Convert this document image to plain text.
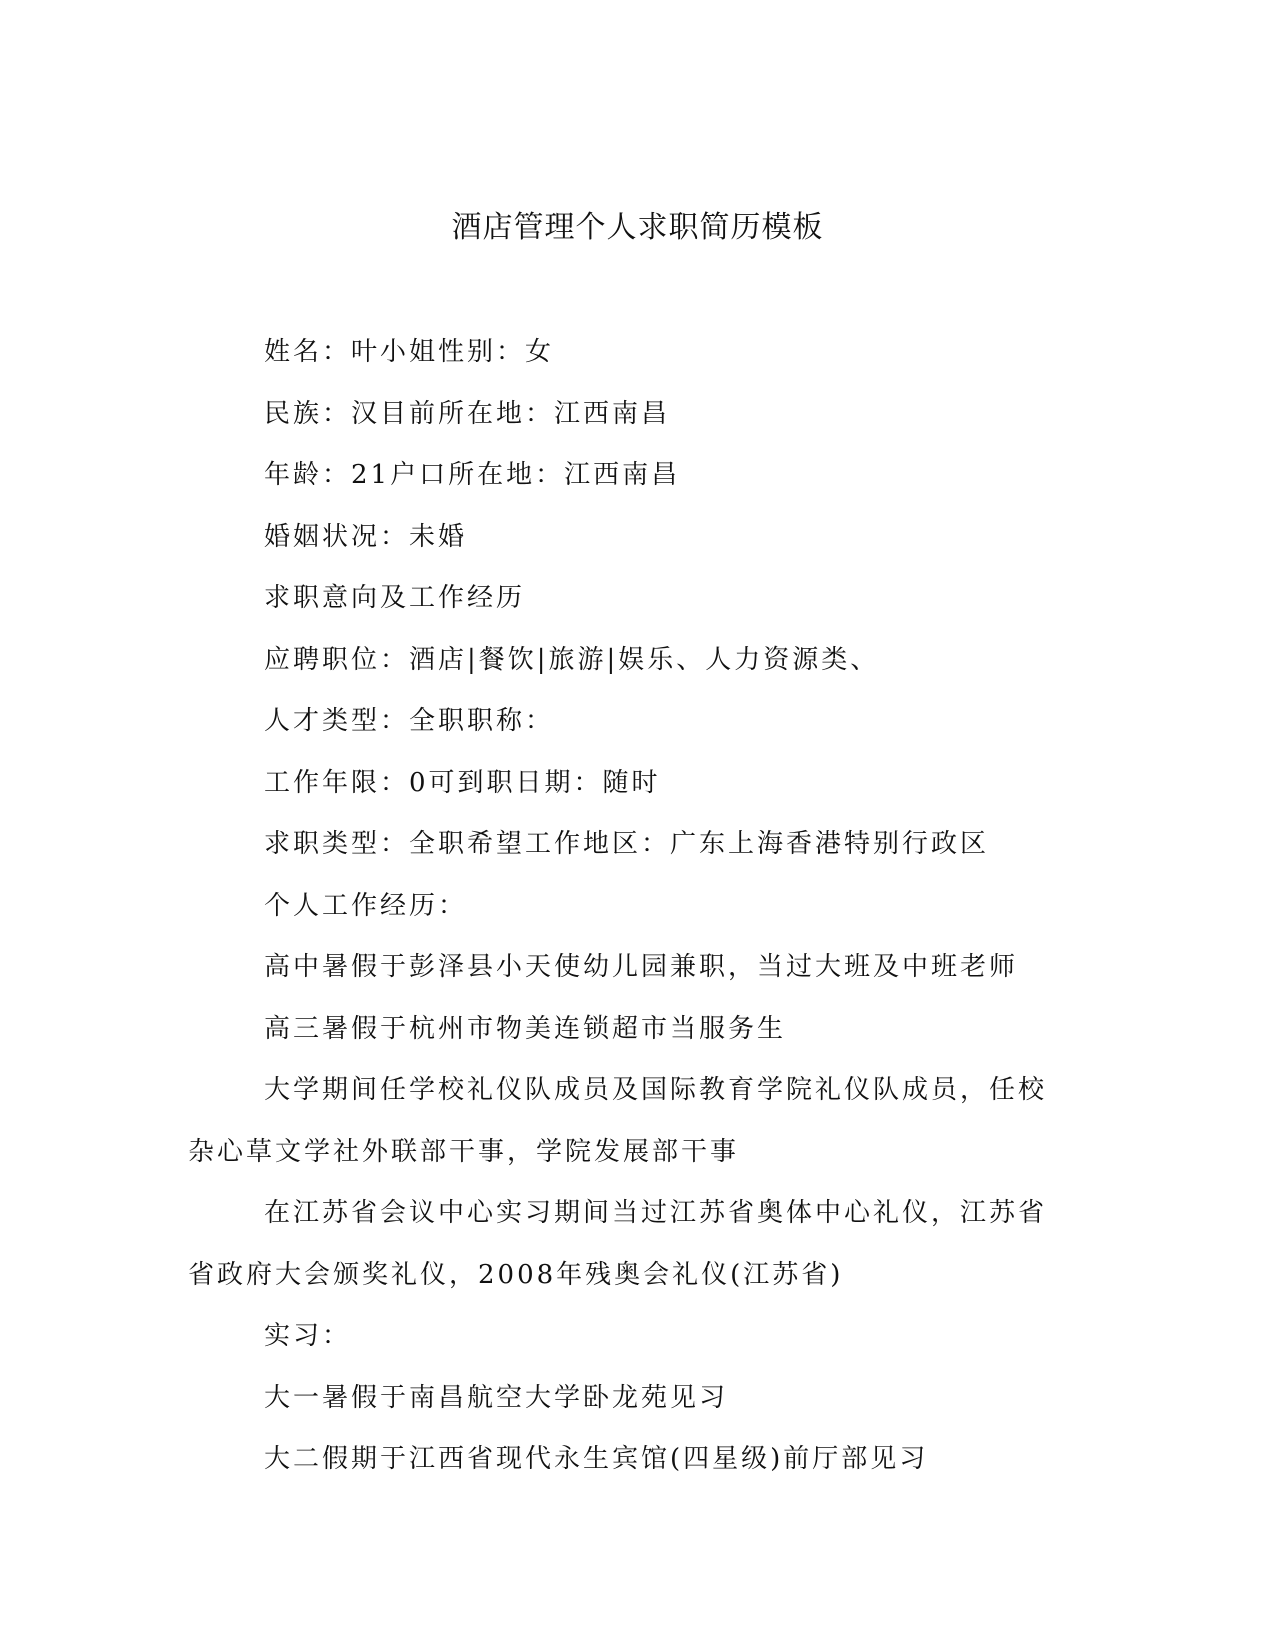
酒店管理个人求职简历模板

姓名：叶小姐性别：女

民族：汉目前所在地：江西南昌

年龄：21户口所在地：江西南昌

婚姻状况：未婚

求职意向及工作经历

应聘职位：酒店|餐饮|旅游|娱乐、人力资源类、

人才类型：全职职称：

工作年限：0可到职日期：随时

求职类型：全职希望工作地区：广东上海香港特别行政区

个人工作经历：

高中暑假于彭泽县小天使幼儿园兼职，当过大班及中班老师

高三暑假于杭州市物美连锁超市当服务生

大学期间任学校礼仪队成员及国际教育学院礼仪队成员，任校杂心草文学社外联部干事，学院发展部干事

在江苏省会议中心实习期间当过江苏省奥体中心礼仪，江苏省省政府大会颁奖礼仪，2008年残奥会礼仪(江苏省)

实习：

大一暑假于南昌航空大学卧龙苑见习

大二假期于江西省现代永生宾馆(四星级)前厅部见习
